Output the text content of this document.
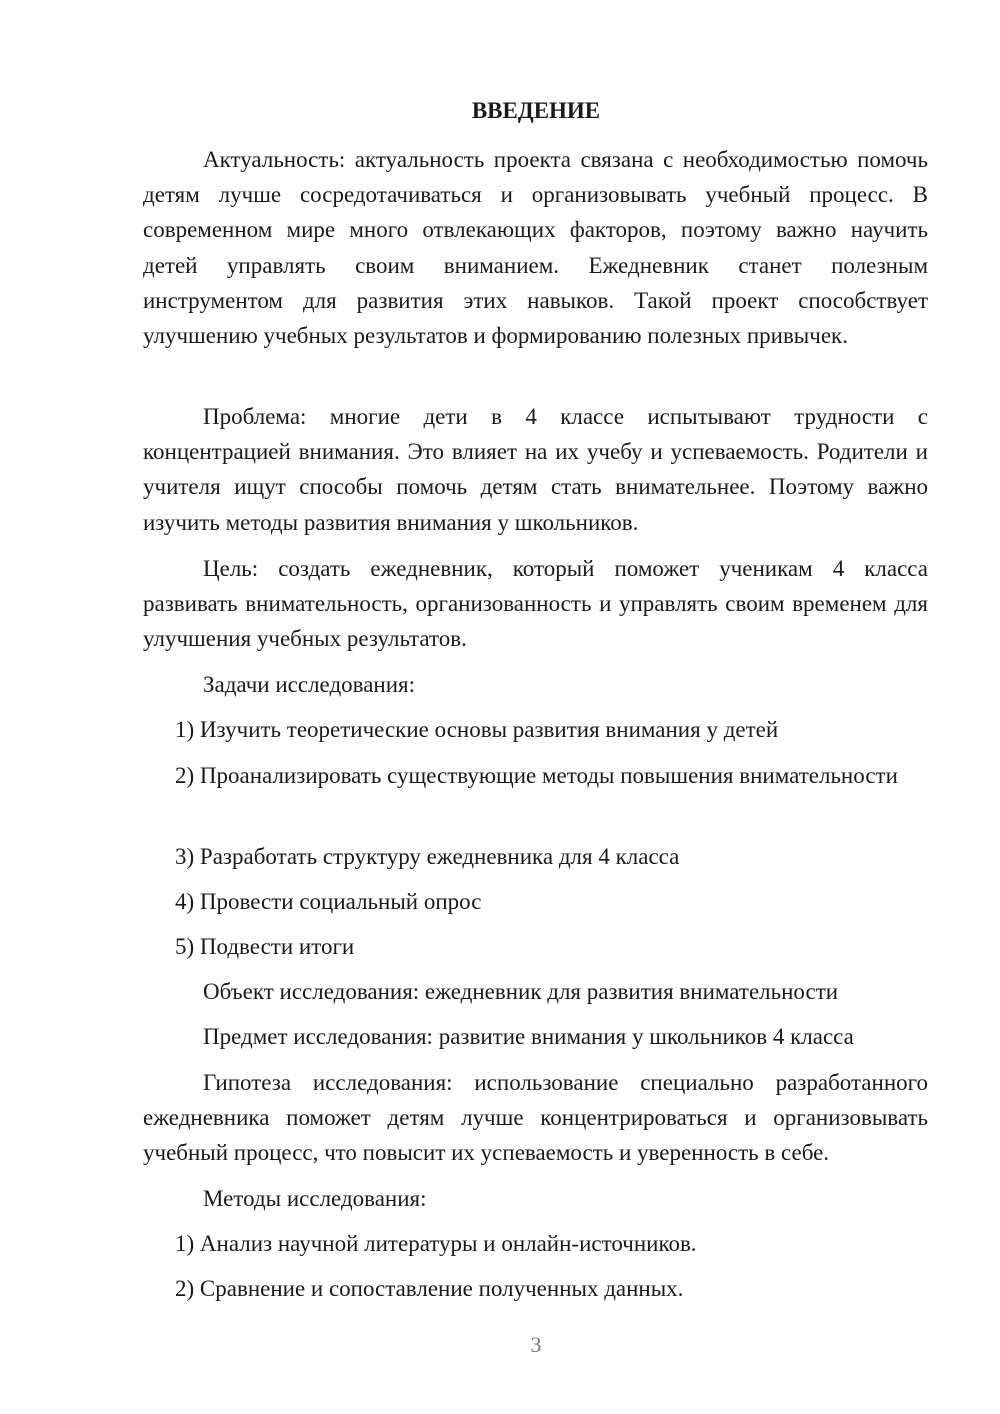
ВВЕДЕНИЕ

Актуальность: актуальность проекта связана с необходимостью помочь детям лучше сосредотачиваться и организовывать учебный процесс. В современном мире много отвлекающих факторов, поэтому важно научить детей управлять своим вниманием. Ежедневник станет полезным инструментом для развития этих навыков. Такой проект способствует улучшению учебных результатов и формированию полезных привычек.

Проблема: многие дети в 4 классе испытывают трудности с концентрацией внимания. Это влияет на их учебу и успеваемость. Родители и учителя ищут способы помочь детям стать внимательнее. Поэтому важно изучить методы развития внимания у школьников.

Цель: создать ежедневник, который поможет ученикам 4 класса развивать внимательность, организованность и управлять своим временем для улучшения учебных результатов.

Задачи исследования:
1) Изучить теоретические основы развития внимания у детей

2) Проанализировать существующие методы повышения внимательности

3) Разработать структуру ежедневника для 4 класса
4) Провести социальный опрос
5) Подвести итоги
Объект исследования: ежедневник для развития внимательности
Предмет исследования: развитие внимания у школьников 4 класса

Гипотеза исследования: использование специально разработанного ежедневника поможет детям лучше концентрироваться и организовывать учебный процесс, что повысит их успеваемость и уверенность в себе.

Методы исследования:
1) Анализ научной литературы и онлайн-источников.
2) Сравнение и сопоставление полученных данных.
3
